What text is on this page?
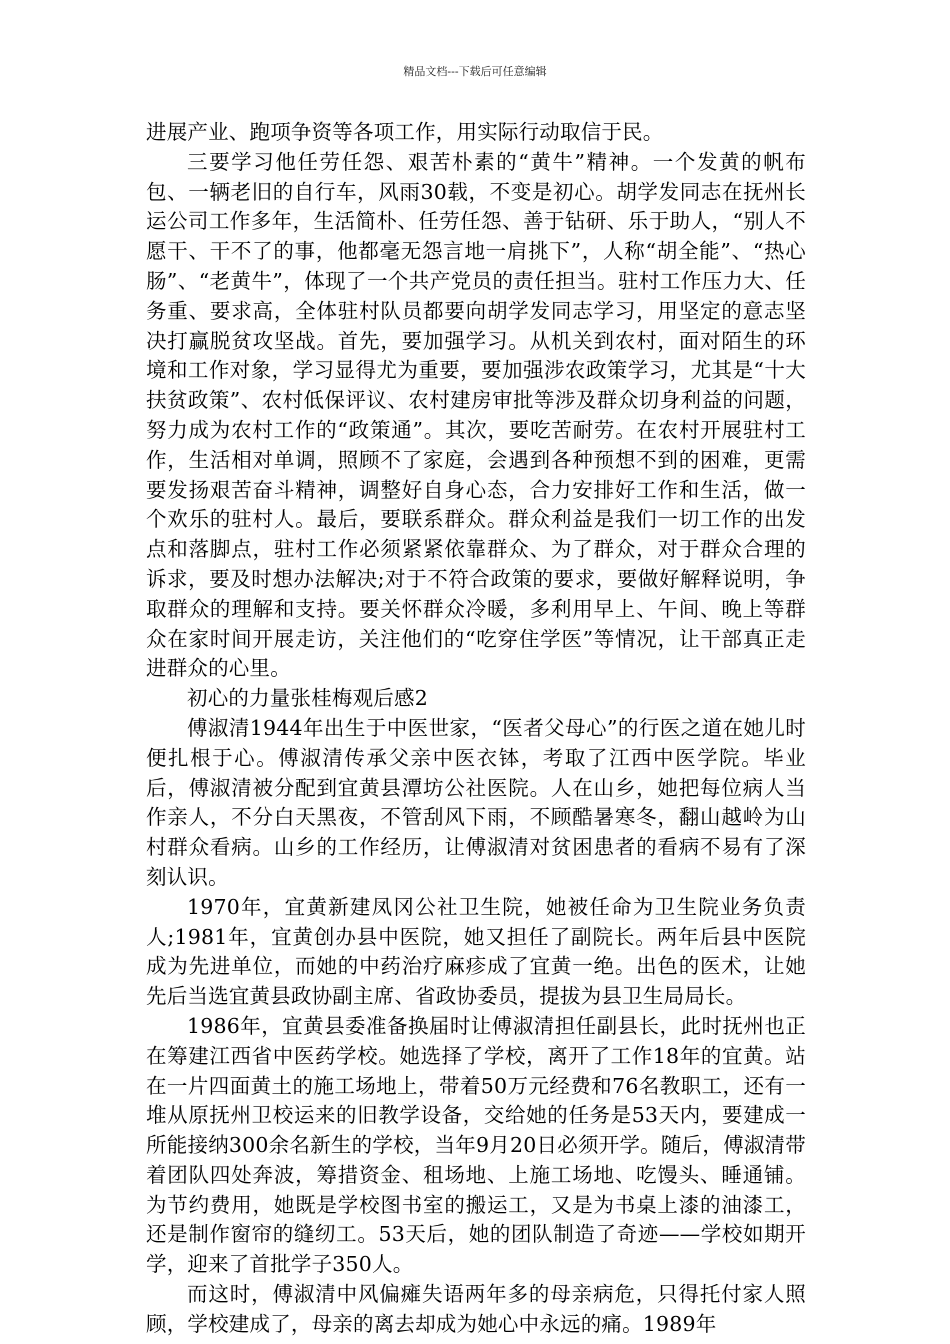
精品文档---下载后可任意编辑

进展产业、跑项争资等各项工作，用实际行动取信于民。

三要学习他任劳任怨、艰苦朴素的“黄牛”精神。一个发黄的帆布包、一辆老旧的自行车，风雨30载，不变是初心。胡学发同志在抚州长运公司工作多年，生活简朴、任劳任怨、善于钻研、乐于助人，“别人不愿干、干不了的事，他都毫无怨言地一肩挑下”，人称“胡全能”、“热心肠”、“老黄牛”，体现了一个共产党员的责任担当。驻村工作压力大、任务重、要求高，全体驻村队员都要向胡学发同志学习，用坚定的意志坚决打赢脱贫攻坚战。首先，要加强学习。从机关到农村，面对陌生的环境和工作对象，学习显得尤为重要，要加强涉农政策学习，尤其是“十大扶贫政策”、农村低保评议、农村建房审批等涉及群众切身利益的问题，努力成为农村工作的“政策通”。其次，要吃苦耐劳。在农村开展驻村工作，生活相对单调，照顾不了家庭，会遇到各种预想不到的困难，更需要发扬艰苦奋斗精神，调整好自身心态，合力安排好工作和生活，做一个欢乐的驻村人。最后，要联系群众。群众利益是我们一切工作的出发点和落脚点，驻村工作必须紧紧依靠群众、为了群众，对于群众合理的诉求，要及时想办法解决;对于不符合政策的要求，要做好解释说明，争取群众的理解和支持。要关怀群众冷暖，多利用早上、午间、晚上等群众在家时间开展走访，关注他们的“吃穿住学医”等情况，让干部真正走进群众的心里。

初心的力量张桂梅观后感2

傅淑清1944年出生于中医世家，“医者父母心”的行医之道在她儿时便扎根于心。傅淑清传承父亲中医衣钵，考取了江西中医学院。毕业后，傅淑清被分配到宜黄县潭坊公社医院。人在山乡，她把每位病人当作亲人，不分白天黑夜，不管刮风下雨，不顾酷暑寒冬，翻山越岭为山村群众看病。山乡的工作经历，让傅淑清对贫困患者的看病不易有了深刻认识。

1970年，宜黄新建凤冈公社卫生院，她被任命为卫生院业务负责人;1981年，宜黄创办县中医院，她又担任了副院长。两年后县中医院成为先进单位，而她的中药治疗麻疹成了宜黄一绝。出色的医术，让她先后当选宜黄县政协副主席、省政协委员，提拔为县卫生局局长。

1986年，宜黄县委准备换届时让傅淑清担任副县长，此时抚州也正在筹建江西省中医药学校。她选择了学校，离开了工作18年的宜黄。站在一片四面黄土的施工场地上，带着50万元经费和76名教职工，还有一堆从原抚州卫校运来的旧教学设备，交给她的任务是53天内，要建成一所能接纳300余名新生的学校，当年9月20日必须开学。随后，傅淑清带着团队四处奔波，筹措资金、租场地、上施工场地、吃馒头、睡通铺。为节约费用，她既是学校图书室的搬运工，又是为书桌上漆的油漆工，还是制作窗帘的缝纫工。53天后，她的团队制造了奇迹——学校如期开学，迎来了首批学子350人。

而这时，傅淑清中风偏瘫失语两年多的母亲病危，只得托付家人照顾，学校建成了，母亲的离去却成为她心中永远的痛。1989年
